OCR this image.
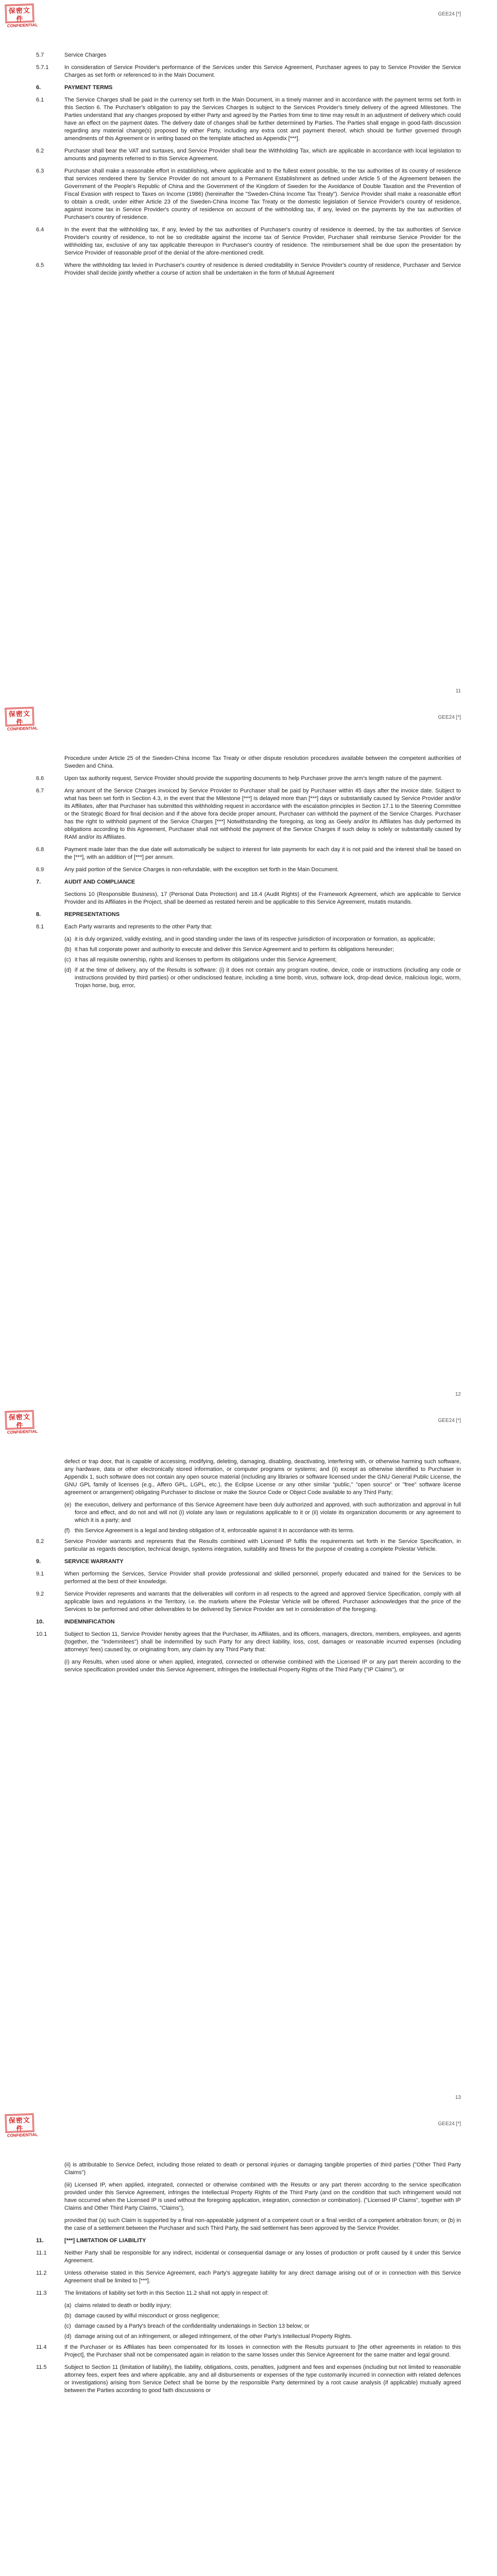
保密文件
CONFIDENTIAL
GEE24 [*]
5.7	Service Charges
5.7.1	In consideration of Service Provider's performance of the Services under this Service Agreement, Purchaser agrees to pay to Service Provider the Service Charges as set forth or referenced to in the Main Document.
6.	PAYMENT TERMS
6.1	The Service Charges shall be paid in the currency set forth in the Main Document, in a timely manner and in accordance with the payment terms set forth in this Section 6. The Purchaser's obligation to pay the Services Charges is subject to the Services Provider's timely delivery of the agreed Milestones. The Parties understand that any changes proposed by either Party and agreed by the Parties from time to time may result in an adjustment of delivery which could have an effect on the payment dates. The delivery date of changes shall be further determined by Parties. The Parties shall engage in good-faith discussion regarding any material change(s) proposed by either Party, including any extra cost and payment thereof, which should be further governed through amendments of this Agreement or in writing based on the template attached as Appendix [***].
6.2	Purchaser shall bear the VAT and surtaxes, and Service Provider shall bear the Withholding Tax, which are applicable in accordance with local legislation to amounts and payments referred to in this Service Agreement.
6.3	Purchaser shall make a reasonable effort in establishing, where applicable and to the fullest extent possible, to the tax authorities of its country of residence that services rendered there by Service Provider do not amount to a Permanent Establishment as defined under Article 5 of the Agreement between the Government of the People's Republic of China and the Government of the Kingdom of Sweden for the Avoidance of Double Taxation and the Prevention of Fiscal Evasion with respect to Taxes on Income (1986) (hereinafter the "Sweden-China Income Tax Treaty"). Service Provider shall make a reasonable effort to obtain a credit, under either Article 23 of the Sweden-China Income Tax Treaty or the domestic legislation of Service Provider's country of residence, against income tax in Service Provider's country of residence on account of the withholding tax, if any, levied on the payments by the tax authorities of Purchaser's country of residence.
6.4	In the event that the withholding tax, if any, levied by the tax authorities of Purchaser's country of residence is deemed, by the tax authorities of Service Provider's country of residence, to not be so creditable against the income tax of Service Provider, Purchaser shall reimburse Service Provider for the withholding tax, exclusive of any tax applicable thereupon in Purchaser's country of residence. The reimbursement shall be due upon the presentation by Service Provider of reasonable proof of the denial of the afore-mentioned credit.
6.5	Where the withholding tax levied in Purchaser's country of residence is denied creditability in Service Provider's country of residence, Purchaser and Service Provider shall decide jointly whether a course of action shall be undertaken in the form of Mutual Agreement
11
保密文件
CONFIDENTIAL
GEE24 [*]
Procedure under Article 25 of the Sweden-China Income Tax Treaty or other dispute resolution procedures available between the competent authorities of Sweden and China.
6.6	Upon tax authority request, Service Provider should provide the supporting documents to help Purchaser prove the arm's length nature of the payment.
6.7	Any amount of the Service Charges invoiced by Service Provider to Purchaser shall be paid by Purchaser within 45 days after the invoice date. Subject to what has been set forth in Section 4.3, in the event that the Milestone [***] is delayed more than [***] days or substantially caused by Service Provider and/or its Affiliates, after that Purchaser has submitted this withholding request in accordance with the escalation principles in Section 17.1 to the Steering Committee or the Strategic Board for final decision and if the above fora decide proper amount, Purchaser can withhold the payment of the Service Charges. Purchaser has the right to withhold payment of the Service Charges [***] Notwithstanding the foregoing, as long as Geely and/or its Affiliates has duly performed its obligations according to this Agreement, Purchaser shall not withhold the payment of the Service Charges if such delay is solely or substantially caused by RAM and/or its Affiliates.
6.8	Payment made later than the due date will automatically be subject to interest for late payments for each day it is not paid and the interest shall be based on the [***], with an addition of [***] per annum.
6.9	Any paid portion of the Service Charges is non-refundable, with the exception set forth in the Main Document.
7.	AUDIT AND COMPLIANCE
Sections 10 (Responsible Business), 17 (Personal Data Protection) and 18.4 (Audit Rights) of the Framework Agreement, which are applicable to Service Provider and its Affiliates in the Project, shall be deemed as restated herein and be applicable to this Service Agreement, mutatis mutandis.
8.	REPRESENTATIONS
8.1	Each Party warrants and represents to the other Party that:
(a) it is duly organized, validly existing, and in good standing under the laws of its respective jurisdiction of incorporation or formation, as applicable;
(b) it has full corporate power and authority to execute and deliver this Service Agreement and to perform its obligations hereunder;
(c) it has all requisite ownership, rights and licenses to perform its obligations under this Service Agreement;
(d) if at the time of delivery, any of the Results is software: (i) it does not contain any program routine, device, code or instructions (including any code or instructions provided by third parties) or other undisclosed feature, including a time bomb, virus, software lock, drop-dead device, malicious logic, worm, Trojan horse, bug, error,
12
保密文件
CONFIDENTIAL
GEE24 [*]
defect or trap door, that is capable of accessing, modifying, deleting, damaging, disabling, deactivating, interfering with, or otherwise harming such software, any hardware, data or other electronically stored information, or computer programs or systems; and (ii) except as otherwise identified to Purchaser in Appendix 1, such software does not contain any open source material (including any libraries or software licensed under the GNU General Public License, the GNU GPL family of licenses (e.g., Affero GPL, LGPL, etc.), the Eclipse License or any other similar "public," "open source" or "free" software license agreement or arrangement) obligating Purchaser to disclose or make the Source Code or Object Code available to any Third Party;
(e) the execution, delivery and performance of this Service Agreement have been duly authorized and approved, with such authorization and approval in full force and effect, and do not and will not (i) violate any laws or regulations applicable to it or (ii) violate its organization documents or any agreement to which it is a party; and
(f) this Service Agreement is a legal and binding obligation of it, enforceable against it in accordance with its terms.
8.2	Service Provider warrants and represents that the Results combined with Licensed IP fulfils the requirements set forth in the Service Specification, in particular as regards description, technical design, systems integration, suitability and fitness for the purpose of creating a complete Polestar Vehicle.
9.	SERVICE WARRANTY
9.1	When performing the Services, Service Provider shall provide professional and skilled personnel, properly educated and trained for the Services to be performed at the best of their knowledge.
9.2	Service Provider represents and warrants that the deliverables will conform in all respects to the agreed and approved Service Specification, comply with all applicable laws and regulations in the Territory, i.e. the markets where the Polestar Vehicle will be offered. Purchaser acknowledges that the price of the Services to be performed and other deliverables to be delivered by Service Provider are set in consideration of the foregoing.
10.	INDEMNIFICATION
10.1	Subject to Section 11, Service Provider hereby agrees that the Purchaser, its Affiliates, and its officers, managers, directors, members, employees, and agents (together, the "Indemnitees") shall be indemnified by such Party for any direct liability, loss, cost, damages or reasonable incurred expenses (including attorneys' fees) caused by, or originating from, any claim by any Third Party that:
(i) any Results, when used alone or when applied, integrated, connected or otherwise combined with the Licensed IP or any part therein according to the service specification provided under this Service Agreement, infringes the Intellectual Property Rights of the Third Party ("IP Claims"), or
13
保密文件
CONFIDENTIAL
GEE24 [*]
(ii) is attributable to Service Defect, including those related to death or personal injuries or damaging tangible properties of third parties ("Other Third Party Claims")
(iii) Licensed IP, when applied, integrated, connected or otherwise combined with the Results or any part therein according to the service specification provided under this Service Agreement, infringes the Intellectual Property Rights of the Third Party (and on the condition that such infringement would not have occurred when the Licensed IP is used without the foregoing application, integration, connection or combination). ("Licensed IP Claims", together with IP Claims and Other Third Party Claims, "Claims"),
provided that (a) such Claim is supported by a final non-appealable judgment of a competent court or a final verdict of a competent arbitration forum; or (b) in the case of a settlement between the Purchaser and such Third Party, the said settlement has been approved by the Service Provider.
11.	[***] LIMITATION OF LIABILITY
11.1	Neither Party shall be responsible for any indirect, incidental or consequential damage or any losses of production or profit caused by it under this Service Agreement.
11.2	Unless otherwise stated in this Service Agreement, each Party's aggregate liability for any direct damage arising out of or in connection with this Service Agreement shall be limited to [***].
11.3	The limitations of liability set forth in this Section 11.2 shall not apply in respect of:
(a) claims related to death or bodily injury;
(b) damage caused by wilful misconduct or gross negligence;
(c) damage caused by a Party's breach of the confidentiality undertakings in Section 13 below; or
(d) damage arising out of an infringement, or alleged infringement, of the other Party's Intellectual Property Rights.
11.4	If the Purchaser or its Affiliates has been compensated for its losses in connection with the Results pursuant to [the other agreements in relation to this Project], the Purchaser shall not be compensated again in relation to the same losses under this Service Agreement for the same matter and legal ground.
11.5	Subject to Section 11 (limitation of liability), the liability, obligations, costs, penalties, judgment and fees and expenses (including but not limited to reasonable attorney fees, expert fees and where applicable, any and all disbursements or expenses of the type customarily incurred in connection with related defences or investigations) arising from Service Defect shall be borne by the responsible Party determined by a root cause analysis (if applicable) mutually agreed between the Parties according to good faith discussions or
